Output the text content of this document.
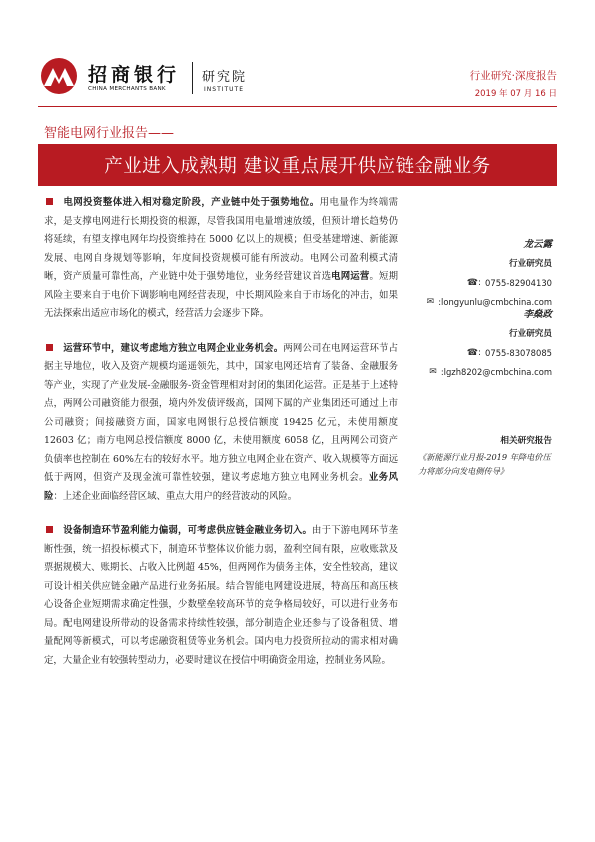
招商银行
CHINA MERCHANTS BANK
研究院
INSTITUTE
行业研究·深度报告
2019 年 07 月 16 日
智能电网行业报告——
产业进入成熟期 建议重点展开供应链金融业务

电网投资整体进入相对稳定阶段，产业链中处于强势地位。用电量作为终端需求，是支撑电网进行长期投资的根源，尽管我国用电量增速放缓，但预计增长趋势仍将延续，有望支撑电网年均投资维持在 5000 亿以上的规模；但受基建增速、新能源发展、电网自身规划等影响，年度间投资规模可能有所波动。电网公司盈利模式清晰，资产质量可靠性高，产业链中处于强势地位，业务经营建议首选电网运营。短期风险主要来自于电价下调影响电网经营表现，中长期风险来自于市场化的冲击，如果无法探索出适应市场化的模式，经营活力会逐步下降。

运营环节中，建议考虑地方独立电网企业业务机会。两网公司在电网运营环节占据主导地位，收入及资产规模均遥遥领先，其中，国家电网还培育了装备、金融服务等产业，实现了产业发展-金融服务-资金管理相对封闭的集团化运营。正是基于上述特点，两网公司融资能力很强，境内外发债评级高，国网下属的产业集团还可通过上市公司融资；间接融资方面，国家电网银行总授信额度 19425 亿元，未使用额度 12603 亿；南方电网总授信额度 8000 亿，未使用额度 6058 亿，且两网公司资产负债率也控制在 60%左右的较好水平。地方独立电网企业在资产、收入规模等方面远低于两网，但资产及现金流可靠性较强，建议考虑地方独立电网业务机会。业务风险：上述企业面临经营区域、重点大用户的经营波动的风险。

设备制造环节盈利能力偏弱，可考虑供应链金融业务切入。由于下游电网环节垄断性强，统一招投标模式下，制造环节整体议价能力弱，盈利空间有限，应收账款及票据规模大、账期长、占收入比例超 45%，但两网作为债务主体，安全性较高，建议可设计相关供应链金融产品进行业务拓展。结合智能电网建设进展，特高压和高压核心设备企业短期需求确定性强，少数壁垒较高环节的竞争格局较好，可以进行业务布局。配电网建设所带动的设备需求持续性较强，部分制造企业还参与了设备租赁、增量配网等新模式，可以考虑融资租赁等业务机会。国内电力投资所拉动的需求相对确定，大量企业有较强转型动力，必要时建议在授信中明确资金用途，控制业务风险。

龙云露
行业研究员
☎: 0755-82904130
✉ :longyunlu@cmbchina.com
李燊政
行业研究员
☎: 0755-83078085
✉ :lgzh8202@cmbchina.com
相关研究报告
《新能源行业月报-2019 年降电价压力将部分向发电侧传导》
